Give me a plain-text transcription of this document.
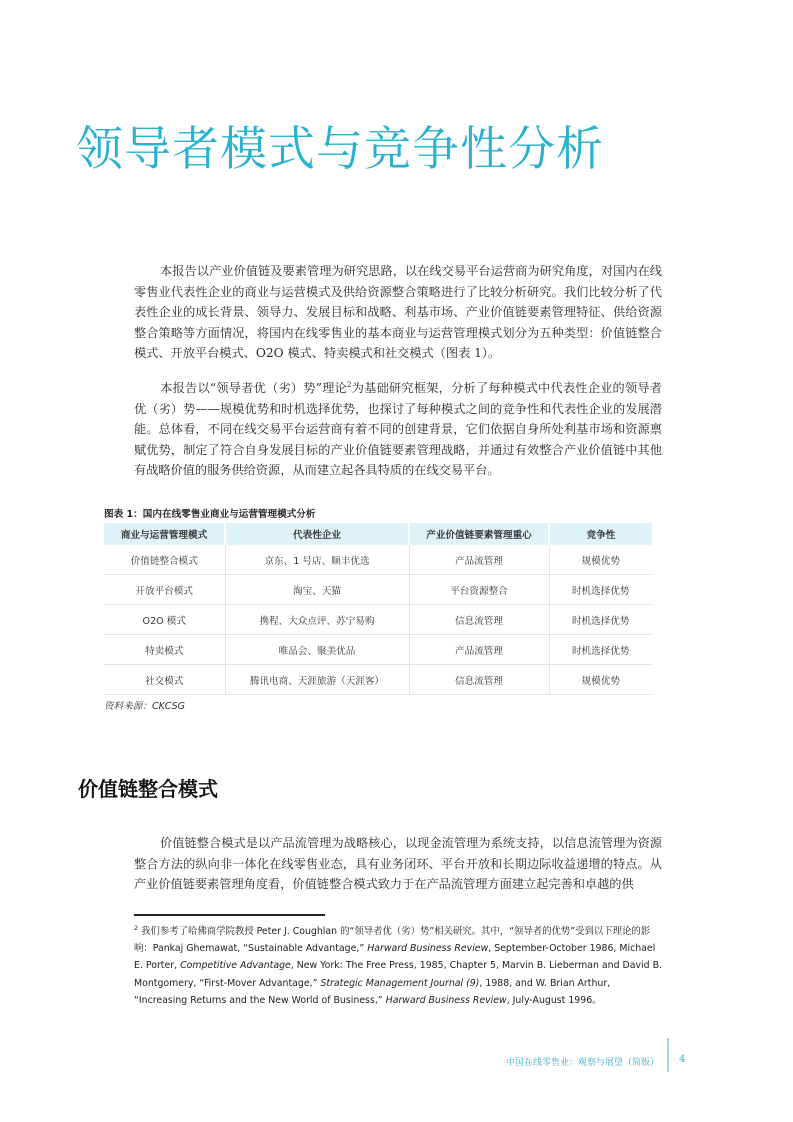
领导者模式与竞争性分析

本报告以产业价值链及要素管理为研究思路，以在线交易平台运营商为研究角度，对国内在线零售业代表性企业的商业与运营模式及供给资源整合策略进行了比较分析研究。我们比较分析了代表性企业的成长背景、领导力、发展目标和战略、利基市场、产业价值链要素管理特征、供给资源整合策略等方面情况，将国内在线零售业的基本商业与运营管理模式划分为五种类型：价值链整合模式、开放平台模式、O2O 模式、特卖模式和社交模式（图表 1）。

本报告以“领导者优（劣）势”理论$^2$为基础研究框架，分析了每种模式中代表性企业的领导者优（劣）势——规模优势和时机选择优势，也探讨了每种模式之间的竞争性和代表性企业的发展潜能。总体看，不同在线交易平台运营商有着不同的创建背景，它们依据自身所处利基市场和资源禀赋优势，制定了符合自身发展目标的产业价值链要素管理战略，并通过有效整合产业价值链中其他有战略价值的服务供给资源，从而建立起各具特质的在线交易平台。

图表 1：国内在线零售业商业与运营管理模式分析

商业与运营管理模式	代表性企业	产业价值链要素管理重心	竞争性
价值链整合模式	京东、1 号店、顺丰优选	产品流管理	规模优势
开放平台模式	淘宝、天猫	平台资源整合	时机选择优势
O2O 模式	携程、大众点评、苏宁易购	信息流管理	时机选择优势
特卖模式	唯品会、聚美优品	产品流管理	时机选择优势
社交模式	腾讯电商、天涯旅游（天涯客）	信息流管理	规模优势

资料来源：CKCSG

价值链整合模式

价值链整合模式是以产品流管理为战略核心，以现金流管理为系统支持，以信息流管理为资源整合方法的纵向非一体化在线零售业态，具有业务闭环、平台开放和长期边际收益递增的特点。从产业价值链要素管理角度看，价值链整合模式致力于在产品流管理方面建立起完善和卓越的供

$^2$ 我们参考了哈佛商学院教授 Peter J. Coughlan 的“领导者优（劣）势”相关研究。其中，“领导者的优势”受到以下理论的影响：Pankaj Ghemawat, “Sustainable Advantage,” Harward Business Review, September-October 1986, Michael E. Porter, Competitive Advantage, New York: The Free Press, 1985, Chapter 5, Marvin B. Lieberman and David B. Montgomery, “First-Mover Advantage,” Strategic Management Journal (9), 1988, and W. Brian Arthur, “Increasing Returns and the New World of Business,” Harward Business Review, July-August 1996。

中国在线零售业：观察与展望（简版） 4
